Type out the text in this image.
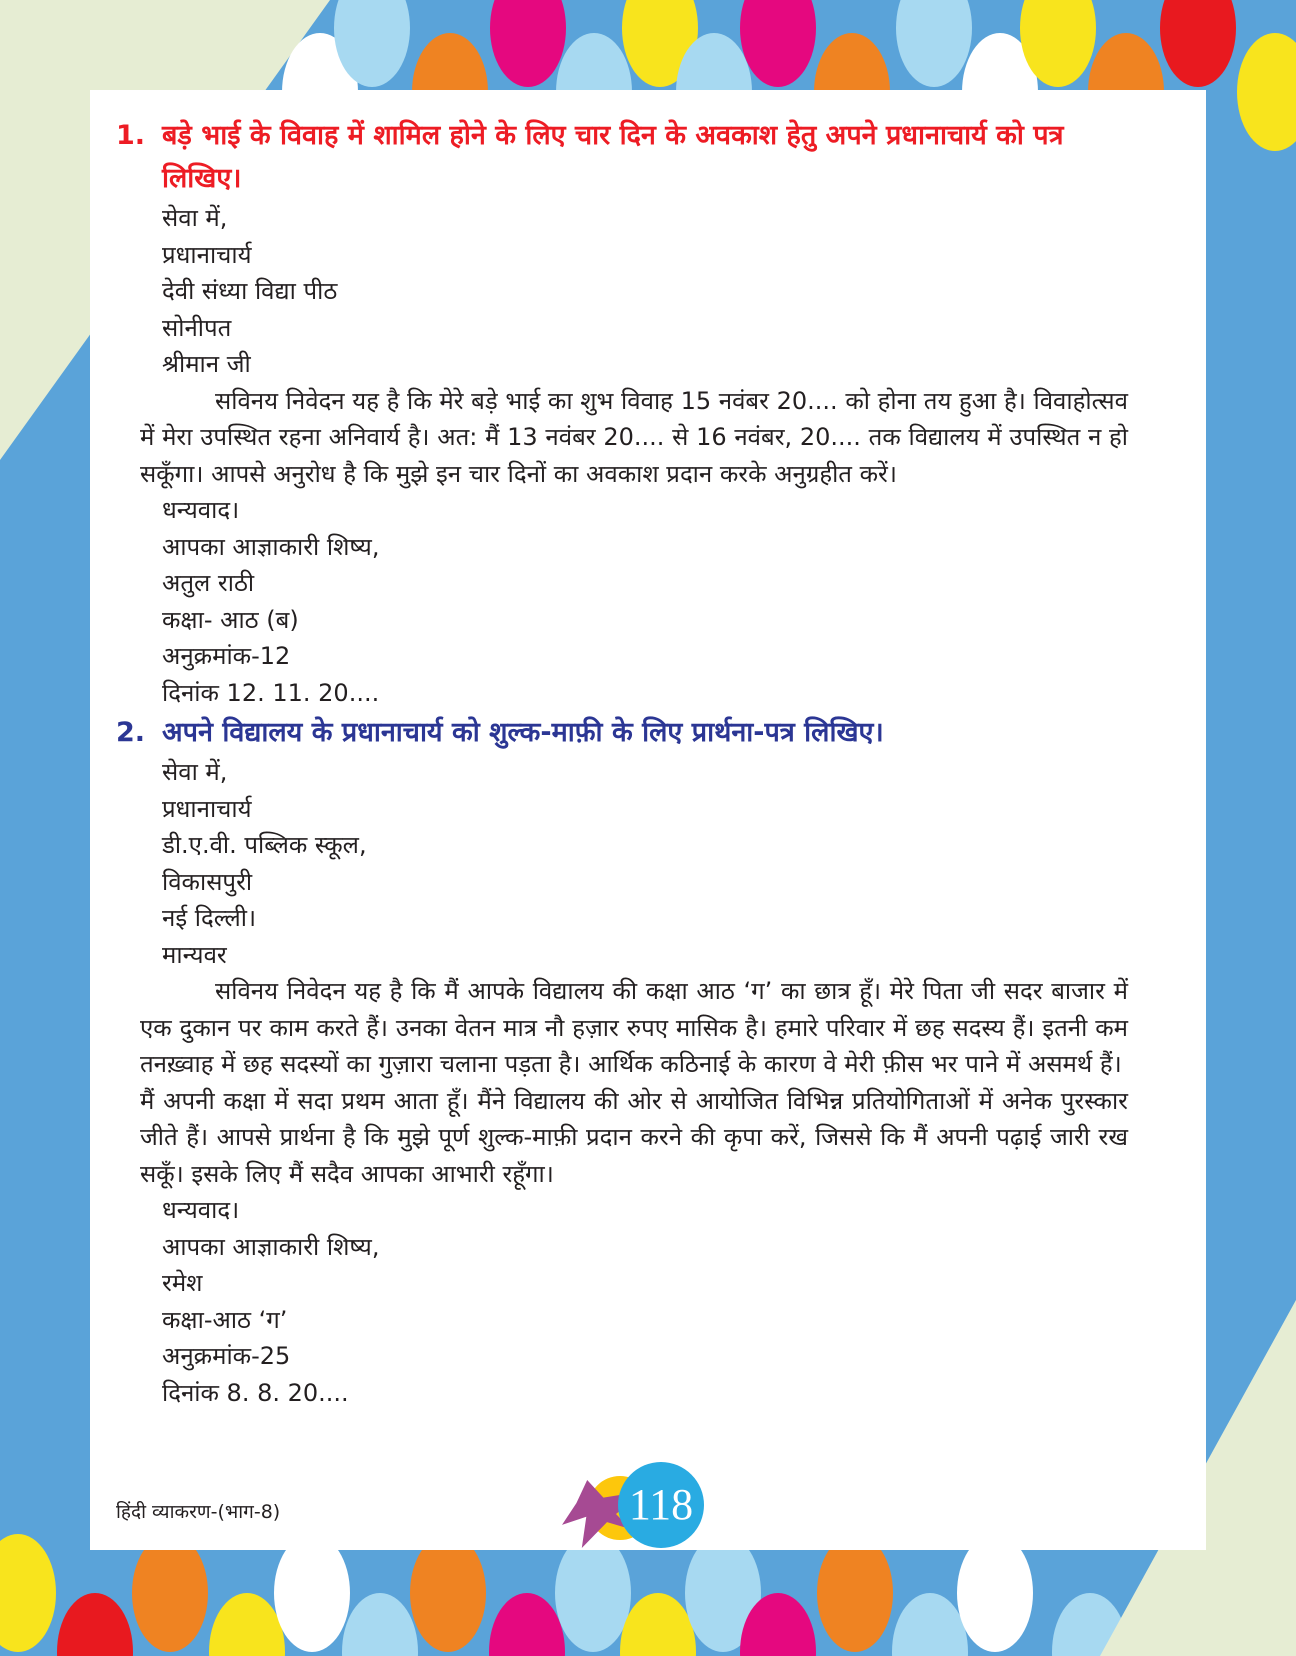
1. बड़े भाई के विवाह में शामिल होने के लिए चार दिन के अवकाश हेतु अपने प्रधानाचार्य को पत्र लिखिए।
सेवा में,
प्रधानाचार्य
देवी संध्या विद्या पीठ
सोनीपत
श्रीमान जी

सविनय निवेदन यह है कि मेरे बड़े भाई का शुभ विवाह 15 नवंबर 20.... को होना तय हुआ है। विवाहोत्सव में मेरा उपस्थित रहना अनिवार्य है। अत: मैं 13 नवंबर 20.... से 16 नवंबर, 20.... तक विद्यालय में उपस्थित न हो सकूँगा। आपसे अनुरोध है कि मुझे इन चार दिनों का अवकाश प्रदान करके अनुग्रहीत करें।

धन्यवाद।
आपका आज्ञाकारी शिष्य,
अतुल राठी
कक्षा- आठ (ब)
अनुक्रमांक-12
दिनांक 12. 11. 20....
2. अपने विद्यालय के प्रधानाचार्य को शुल्क-माफ़ी के लिए प्रार्थना-पत्र लिखिए।
सेवा में,
प्रधानाचार्य
डी.ए.वी. पब्लिक स्कूल,
विकासपुरी
नई दिल्ली।
मान्यवर

सविनय निवेदन यह है कि मैं आपके विद्यालय की कक्षा आठ ‘ग’ का छात्र हूँ। मेरे पिता जी सदर बाजार में एक दुकान पर काम करते हैं। उनका वेतन मात्र नौ हज़ार रुपए मासिक है। हमारे परिवार में छह सदस्य हैं। इतनी कम तनख़्वाह में छह सदस्यों का गुज़ारा चलाना पड़ता है। आर्थिक कठिनाई के कारण वे मेरी फ़ीस भर पाने में असमर्थ हैं।

मैं अपनी कक्षा में सदा प्रथम आता हूँ। मैंने विद्यालय की ओर से आयोजित विभिन्न प्रतियोगिताओं में अनेक पुरस्कार जीते हैं। आपसे प्रार्थना है कि मुझे पूर्ण शुल्क-माफ़ी प्रदान करने की कृपा करें, जिससे कि मैं अपनी पढ़ाई जारी रख सकूँ। इसके लिए मैं सदैव आपका आभारी रहूँगा।

धन्यवाद।
आपका आज्ञाकारी शिष्य,
रमेश
कक्षा-आठ ‘ग’
अनुक्रमांक-25
दिनांक 8. 8. 20....
हिंदी व्याकरण-(भाग-8)	118
